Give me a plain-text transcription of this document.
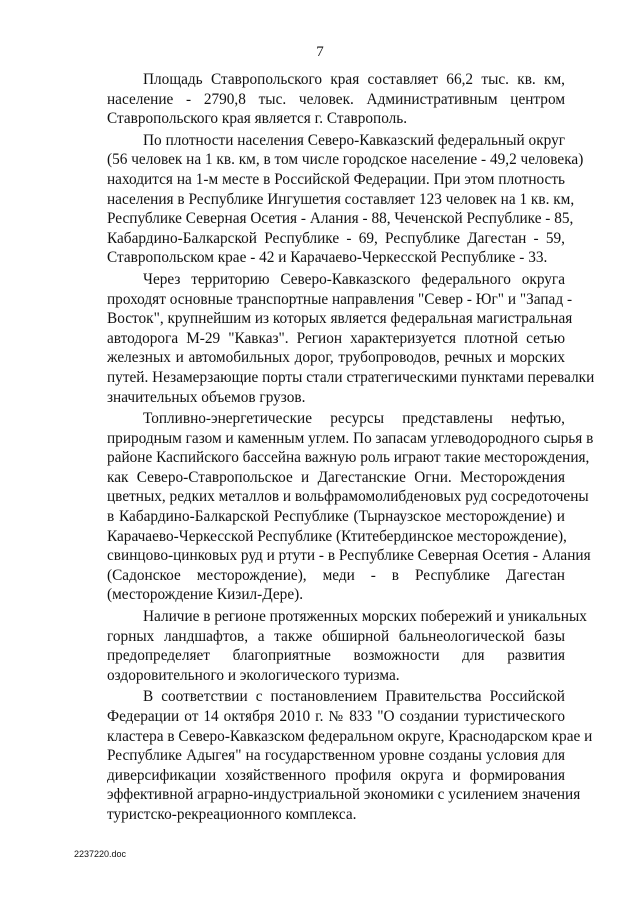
7
Площадь Ставропольского края составляет 66,2 тыс. кв. км,
население - 2790,8 тыс. человек. Административным центром
Ставропольского края является г. Ставрополь.
По плотности населения Северо-Кавказский федеральный округ
(56 человек на 1 кв. км, в том числе городское население - 49,2 человека)
находится на 1-м месте в Российской Федерации. При этом плотность
населения в Республике Ингушетия составляет 123 человек на 1 кв. км,
Республике Северная Осетия - Алания - 88, Чеченской Республике - 85,
Кабардино-Балкарской Республике - 69, Республике Дагестан - 59,
Ставропольском крае - 42 и Карачаево-Черкесской Республике - 33.
Через территорию Северо-Кавказского федерального округа
проходят основные транспортные направления "Север - Юг" и "Запад -
Восток", крупнейшим из которых является федеральная магистральная
автодорога М-29 "Кавказ". Регион характеризуется плотной сетью
железных и автомобильных дорог, трубопроводов, речных и морских
путей. Незамерзающие порты стали стратегическими пунктами перевалки
значительных объемов грузов.
Топливно-энергетические ресурсы представлены нефтью,
природным газом и каменным углем. По запасам углеводородного сырья в
районе Каспийского бассейна важную роль играют такие месторождения,
как Северо-Ставропольское и Дагестанские Огни. Месторождения
цветных, редких металлов и вольфрамомолибденовых руд сосредоточены
в Кабардино-Балкарской Республике (Тырнаузское месторождение) и
Карачаево-Черкесской Республике (Ктитебердинское месторождение),
свинцово-цинковых руд и ртути - в Республике Северная Осетия - Алания
(Садонское месторождение), меди - в Республике Дагестан
(месторождение Кизил-Дере).
Наличие в регионе протяженных морских побережий и уникальных
горных ландшафтов, а также обширной бальнеологической базы
предопределяет благоприятные возможности для развития
оздоровительного и экологического туризма.
В соответствии с постановлением Правительства Российской
Федерации от 14 октября 2010 г. № 833 "О создании туристического
кластера в Северо-Кавказском федеральном округе, Краснодарском крае и
Республике Адыгея" на государственном уровне созданы условия для
диверсификации хозяйственного профиля округа и формирования
эффективной аграрно-индустриальной экономики с усилением значения
туристско-рекреационного комплекса.
2237220.doc
